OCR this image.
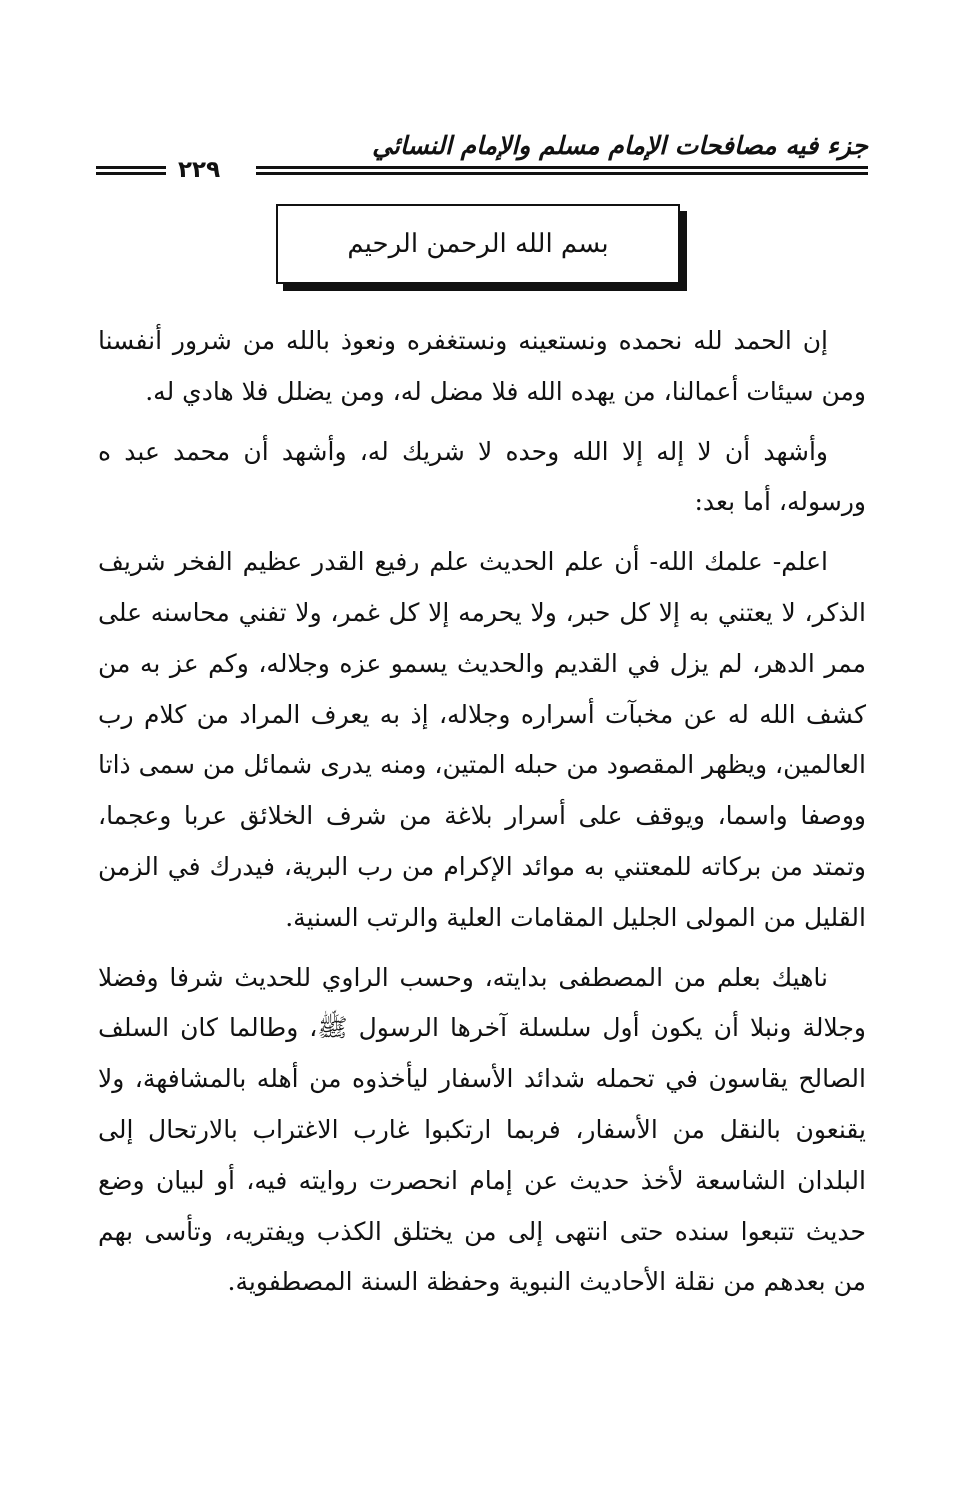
جزء فيه مصافحات الإمام مسلم والإمام النسائي
٢٢٩
بسم الله الرحمن الرحيم

إن الحمد لله نحمده ونستعينه ونستغفره ونعوذ بالله من شرور أنفسنا ومن سيئات أعمالنا، من يهده الله فلا مضل له، ومن يضلل فلا هادي له.

وأشهد أن لا إله إلا الله وحده لا شريك له، وأشهد أن محمد عبد ه ورسوله، أما بعد:

اعلم- علمك الله- أن علم الحديث علم رفيع القدر عظيم الفخر شريف الذكر، لا يعتني به إلا كل حبر، ولا يحرمه إلا كل غمر، ولا تفني محاسنه على ممر الدهر، لم يزل في القديم والحديث يسمو عزه وجلاله، وكم عز به من كشف الله له عن مخبآت أسراره وجلاله، إذ به يعرف المراد من كلام رب العالمين، ويظهر المقصود من حبله المتين، ومنه يدرى شمائل من سمى ذاتا ووصفا واسما، ويوقف على أسرار بلاغة من شرف الخلائق عربا وعجما، وتمتد من بركاته للمعتني به موائد الإكرام من رب البرية، فيدرك في الزمن القليل من المولى الجليل المقامات العلية والرتب السنية.

ناهيك بعلم من المصطفى بدايته، وحسب الراوي للحديث شرفا وفضلا وجلالة ونبلا أن يكون أول سلسلة آخرها الرسول ﷺ، وطالما كان السلف الصالح يقاسون في تحمله شدائد الأسفار ليأخذوه من أهله بالمشافهة، ولا يقنعون بالنقل من الأسفار، فربما ارتكبوا غارب الاغتراب بالارتحال إلى البلدان الشاسعة لأخذ حديث عن إمام انحصرت روايته فيه، أو لبيان وضع حديث تتبعوا سنده حتى انتهى إلى من يختلق الكذب ويفتريه، وتأسى بهم من بعدهم من نقلة الأحاديث النبوية وحفظة السنة المصطفوية.
